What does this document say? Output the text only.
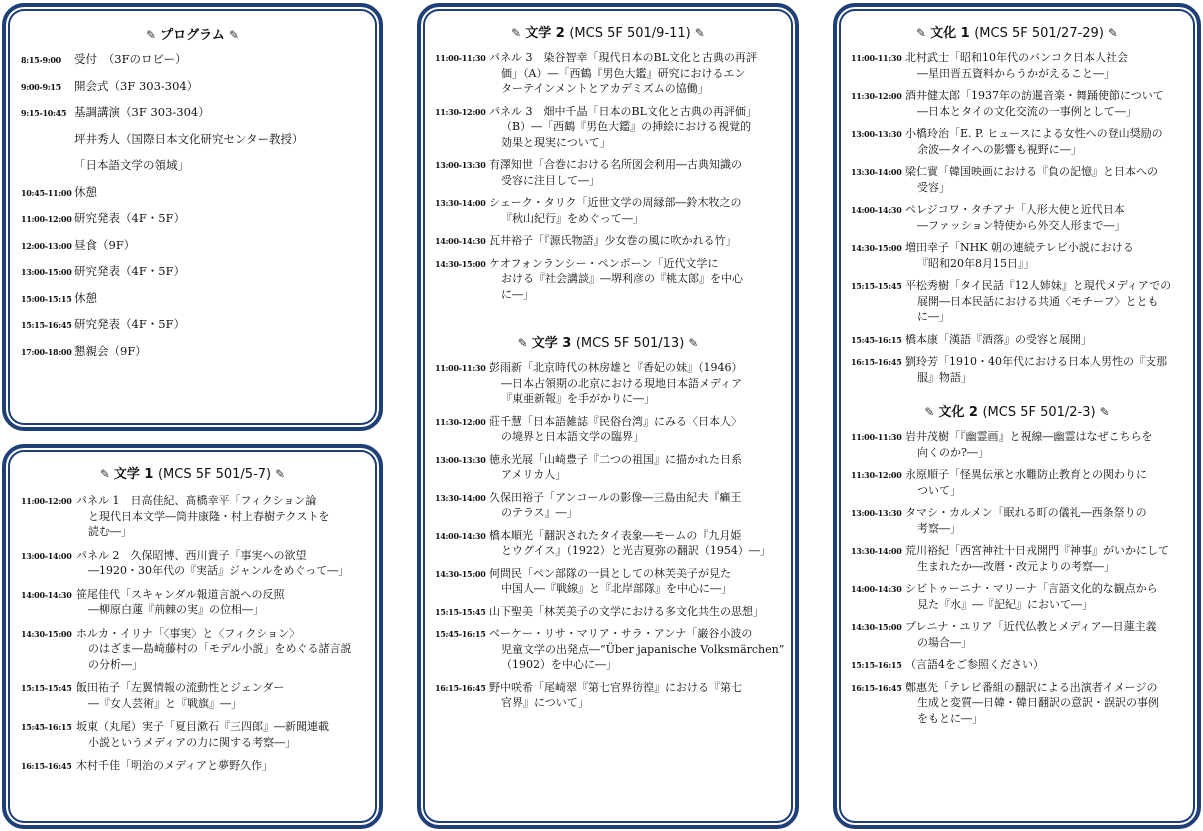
✎ プログラム ✎
8:15-9:00	受付　（3Fのロビー）
9:00-9:15	開会式（3F 303-304）
9:15-10:45 基調講演（3F 303-304）
坪井秀人（国際日本文化研究センター教授）
「日本語文学の領域」
10:45-11:00 休憩
11:00-12:00 研究発表（4F・5F）
12:00-13:00 昼食（9F）
13:00-15:00 研究発表（4F・5F）
15:00-15:15 休憩
15:15-16:45 研究発表（4F・5F）
17:00-18:00 懇親会（9F）
✎ 文学 1 (MCS 5F 501/5-7) ✎
11:00-12:00 パネル 1　日高佳紀、髙橋幸平「フィクション論
と現代日本文学―筒井康隆・村上春樹テクストを
読む―」
13:00-14:00 パネル 2　久保昭博、西川貴子「事実への欲望
―1920・30年代の『実話』ジャンルをめぐって―」
14:00-14:30 笹尾佳代「スキャンダル報道言説への反照
―柳原白蓮『荊棘の実』の位相―」
14:30-15:00 ホルカ・イリナ「〈事実〉と〈フィクション〉
のはざま―島崎藤村の「モデル小説」をめぐる諸言説
の分析―」
15:15-15:45 飯田祐子「左翼情報の流動性とジェンダー
―『女人芸術』と『戦旗』―」
15:45-16:15 坂東（丸尾）実子「夏目漱石『三四郎』―新聞連載
小説というメディアの力に関する考察―」
16:15-16:45 木村千佳「明治のメディアと夢野久作」
✎ 文学 2 (MCS 5F 501/9-11) ✎
11:00-11:30 パネル 3　染谷智幸「現代日本のBL文化と古典の再評
価」（A）―「西鶴『男色大鑑』研究におけるエン
ターテインメントとアカデミズムの協働」
11:30-12:00 パネル 3　畑中千晶「日本のBL文化と古典の再評価」
（B）―「西鶴『男色大鑑』の挿絵における視覚的
効果と現実について」
13:00-13:30 有澤知世「合巻における名所図会利用―古典知識の
受容に注目して―」
13:30-14:00 シェーク・タリク「近世文学の周縁部―鈴木牧之の
『秋山紀行』をめぐって―」
14:00-14:30 瓦井裕子「『源氏物語』少女巻の風に吹かれる竹」
14:30-15:00 ケオフォンランシー・ペンポーン「近代文学に
おける『社会講談』―堺利彦の『桃太郎』を中心
に―」
✎ 文学 3 (MCS 5F 501/13) ✎
11:00-11:30 彭雨新「北京時代の林房雄と『香妃の妹』（1946）
―日本占領期の北京における現地日本語メディア
『東亜新報』を手がかりに―」
11:30-12:00 莊千慧「日本語雑誌『民俗台湾』にみる〈日本人〉
の境界と日本語文学の臨界」
13:00-13:30 徳永光展「山崎豊子『二つの祖国』に描かれた日系
アメリカ人」
13:30-14:00 久保田裕子「アンコールの影像―三島由紀夫『癩王
のテラス』―」
14:00-14:30 橋本順光「翻訳されたタイ表象―モームの『九月姫
とウグイス』（1922）と光吉夏弥の翻訳（1954）―」
14:30-15:00 何問民「ペン部隊の一員としての林芙美子が見た
中国人―『戦線』と『北岸部隊』を中心に―」
15:15-15:45 山下聖美「林芙美子の文学における多文化共生の思想」
15:45-16:15 ベーケー・リサ・マリア・サラ・アンナ「巌谷小波の
児童文学の出発点―“Über japanische Volksmärchen”
（1902）を中心に―」
16:15-16:45 野中咲希「尾崎翠『第七官界彷徨』における『第七
官界』について」
✎ 文化 1 (MCS 5F 501/27-29) ✎
11:00-11:30 北村武士「昭和10年代のバンコク日本人社会
―星田晋五資料からうかがえること―」
11:30-12:00 酒井健太郎「1937年の訪暹音楽・舞踊使節について
―日本とタイの文化交流の一事例として―」
13:00-13:30 小橋玲治「E. P. ヒュースによる女性への登山奨励の
余波―タイへの影響も視野に―」
13:30-14:00 梁仁實「韓国映画における『負の記憶』と日本への
受容」
14:00-14:30 ペレジコワ・タチアナ「人形大使と近代日本
―ファッション特使から外交人形まで―」
14:30-15:00 増田幸子「NHK 朝の連続テレビ小説における
『昭和20年8月15日』」
15:15-15:45 平松秀樹「タイ民話『12人姉妹』と現代メディアでの
展開―日本民話における共通〈モチーフ〉ととも
に―」
15:45-16:15 橋本康「漢語『酒落』の受容と展開」
16:15-16:45 劉玲芳「1910・40年代における日本人男性の『支那
服』物語」
✎ 文化 2 (MCS 5F 501/2-3) ✎
11:00-11:30 岩井茂樹「『幽霊画』と視線―幽霊はなぜこちらを
向くのか?―」
11:30-12:00 永原順子「怪異伝承と水難防止教育との関わりに
ついて」
13:00-13:30 タマシ・カルメン「眠れる町の儀礼―西条祭りの
考察―」
13:30-14:00 荒川裕紀「西宮神社十日戎開門『神事』がいかにして
生まれたか―改暦・改元よりの考察―」
14:00-14:30 シビトゥーニナ・マリーナ「言語文化的な観点から
見た『水』―『記紀』において―」
14:30-15:00 プレニナ・ユリア「近代仏教とメディア―日蓮主義
の場合―」
15:15-16:15 （言語4をご参照ください）
16:15-16:45 鄭惠先「テレビ番組の翻訳による出演者イメージの
生成と変質―日韓・韓日翻訳の意訳・誤訳の事例
をもとに―」
